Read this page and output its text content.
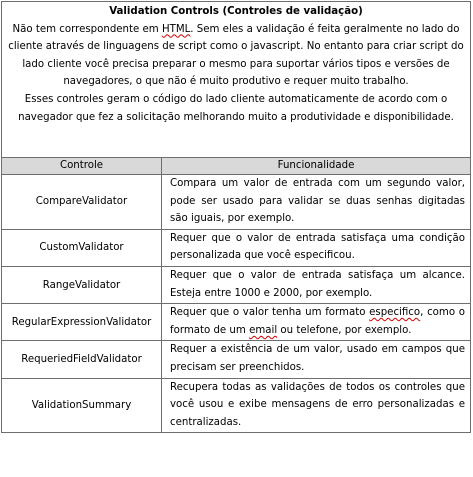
Validation Controls (Controles de validação)
Não tem correspondente em HTML. Sem eles a validação é feita geralmente no lado do cliente através de linguagens de script como o javascript. No entanto para criar script do lado cliente você precisa preparar o mesmo para suportar vários tipos e versões de navegadores, o que não é muito produtivo e requer muito trabalho.
Esses controles geram o código do lado cliente automaticamente de acordo com o navegador que fez a solicitação melhorando muito a produtividade e disponibilidade.	

Controle	Funcionalidade
CompareValidator	Compara um valor de entrada com um segundo valor, pode ser usado para validar se duas senhas digitadas são iguais, por exemplo.
CustomValidator	Requer que o valor de entrada satisfaça uma condição personalizada que você especificou.
RangeValidator	Requer que o valor de entrada satisfaça um alcance. Esteja entre 1000 e 2000, por exemplo.
RegularExpressionValidator	Requer que o valor tenha um formato especifico, como o formato de um email ou telefone, por exemplo.
RequeriedFieldValidator	Requer a existência de um valor, usado em campos que precisam ser preenchidos.
ValidationSummary	Recupera todas as validações de todos os controles que você usou e exibe mensagens de erro personalizadas e centralizadas.
